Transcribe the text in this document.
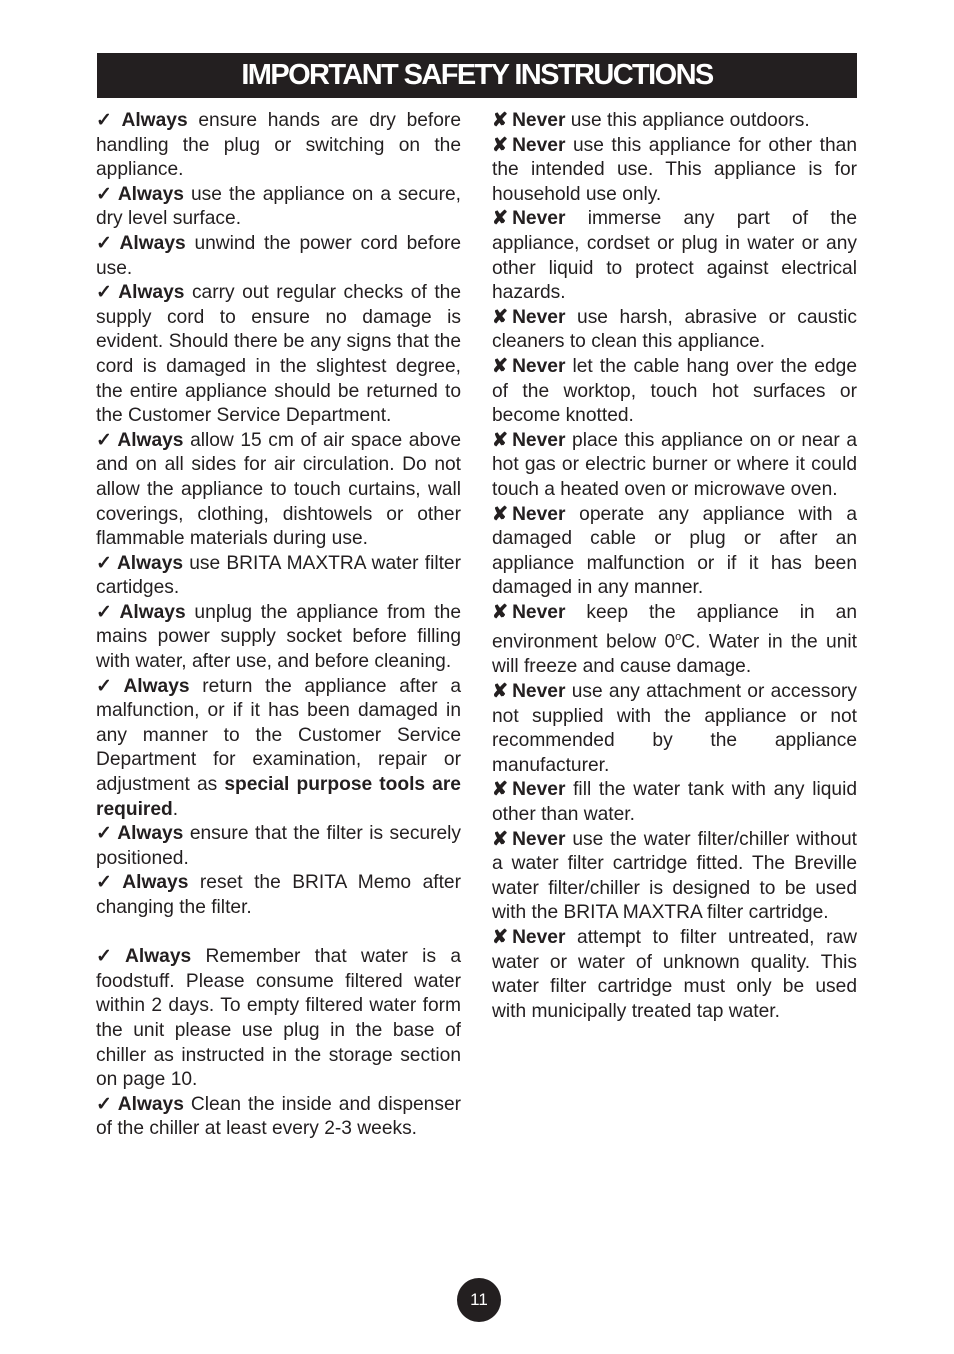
IMPORTANT SAFETY INSTRUCTIONS

✓ Always ensure hands are dry before handling the plug or switching on the appliance.

✓ Always use the appliance on a secure, dry level surface.

✓ Always unwind the power cord before use.

✓ Always carry out regular checks of the supply cord to ensure no damage is evident. Should there be any signs that the cord is damaged in the slightest degree, the entire appliance should be returned to the Customer Service Department.

✓ Always allow 15 cm of air space above and on all sides for air circulation. Do not allow the appliance to touch curtains, wall coverings, clothing, dishtowels or other flammable materials during use.

✓ Always use BRITA MAXTRA water filter cartidges.

✓ Always unplug the appliance from the mains power supply socket before filling with water, after use, and before cleaning.

✓ Always return the appliance after a malfunction, or if it has been damaged in any manner to the Customer Service Department for examination, repair or adjustment as special purpose tools are required.

✓ Always ensure that the filter is securely positioned.

✓ Always reset the BRITA Memo after changing the filter.

✓ Always Remember that water is a foodstuff. Please consume filtered water within 2 days. To empty filtered water form the unit please use plug in the base of chiller as instructed in the storage section on page 10.

✓ Always Clean the inside and dispenser of the chiller at least every 2-3 weeks.

✘ Never use this appliance outdoors.

✘ Never use this appliance for other than the intended use. This appliance is for household use only.

✘ Never immerse any part of the appliance, cordset or plug in water or any other liquid to protect against electrical hazards.

✘ Never use harsh, abrasive or caustic cleaners to clean this appliance.

✘ Never let the cable hang over the edge of the worktop, touch hot surfaces or become knotted.

✘ Never place this appliance on or near a hot gas or electric burner or where it could touch a heated oven or microwave oven.

✘ Never operate any appliance with a damaged cable or plug or after an appliance malfunction or if it has been damaged in any manner.

✘ Never keep the appliance in an environment below 0$^o$C. Water in the unit will freeze and cause damage.

✘ Never use any attachment or accessory not supplied with the appliance or not recommended by the appliance manufacturer.

✘ Never fill the water tank with any liquid other than water.

✘ Never use the water filter/chiller without a water filter cartridge fitted. The Breville water filter/chiller is designed to be used with the BRITA MAXTRA filter cartridge.

✘ Never attempt to filter untreated, raw water or water of unknown quality. This water filter cartridge must only be used with municipally treated tap water.

11
